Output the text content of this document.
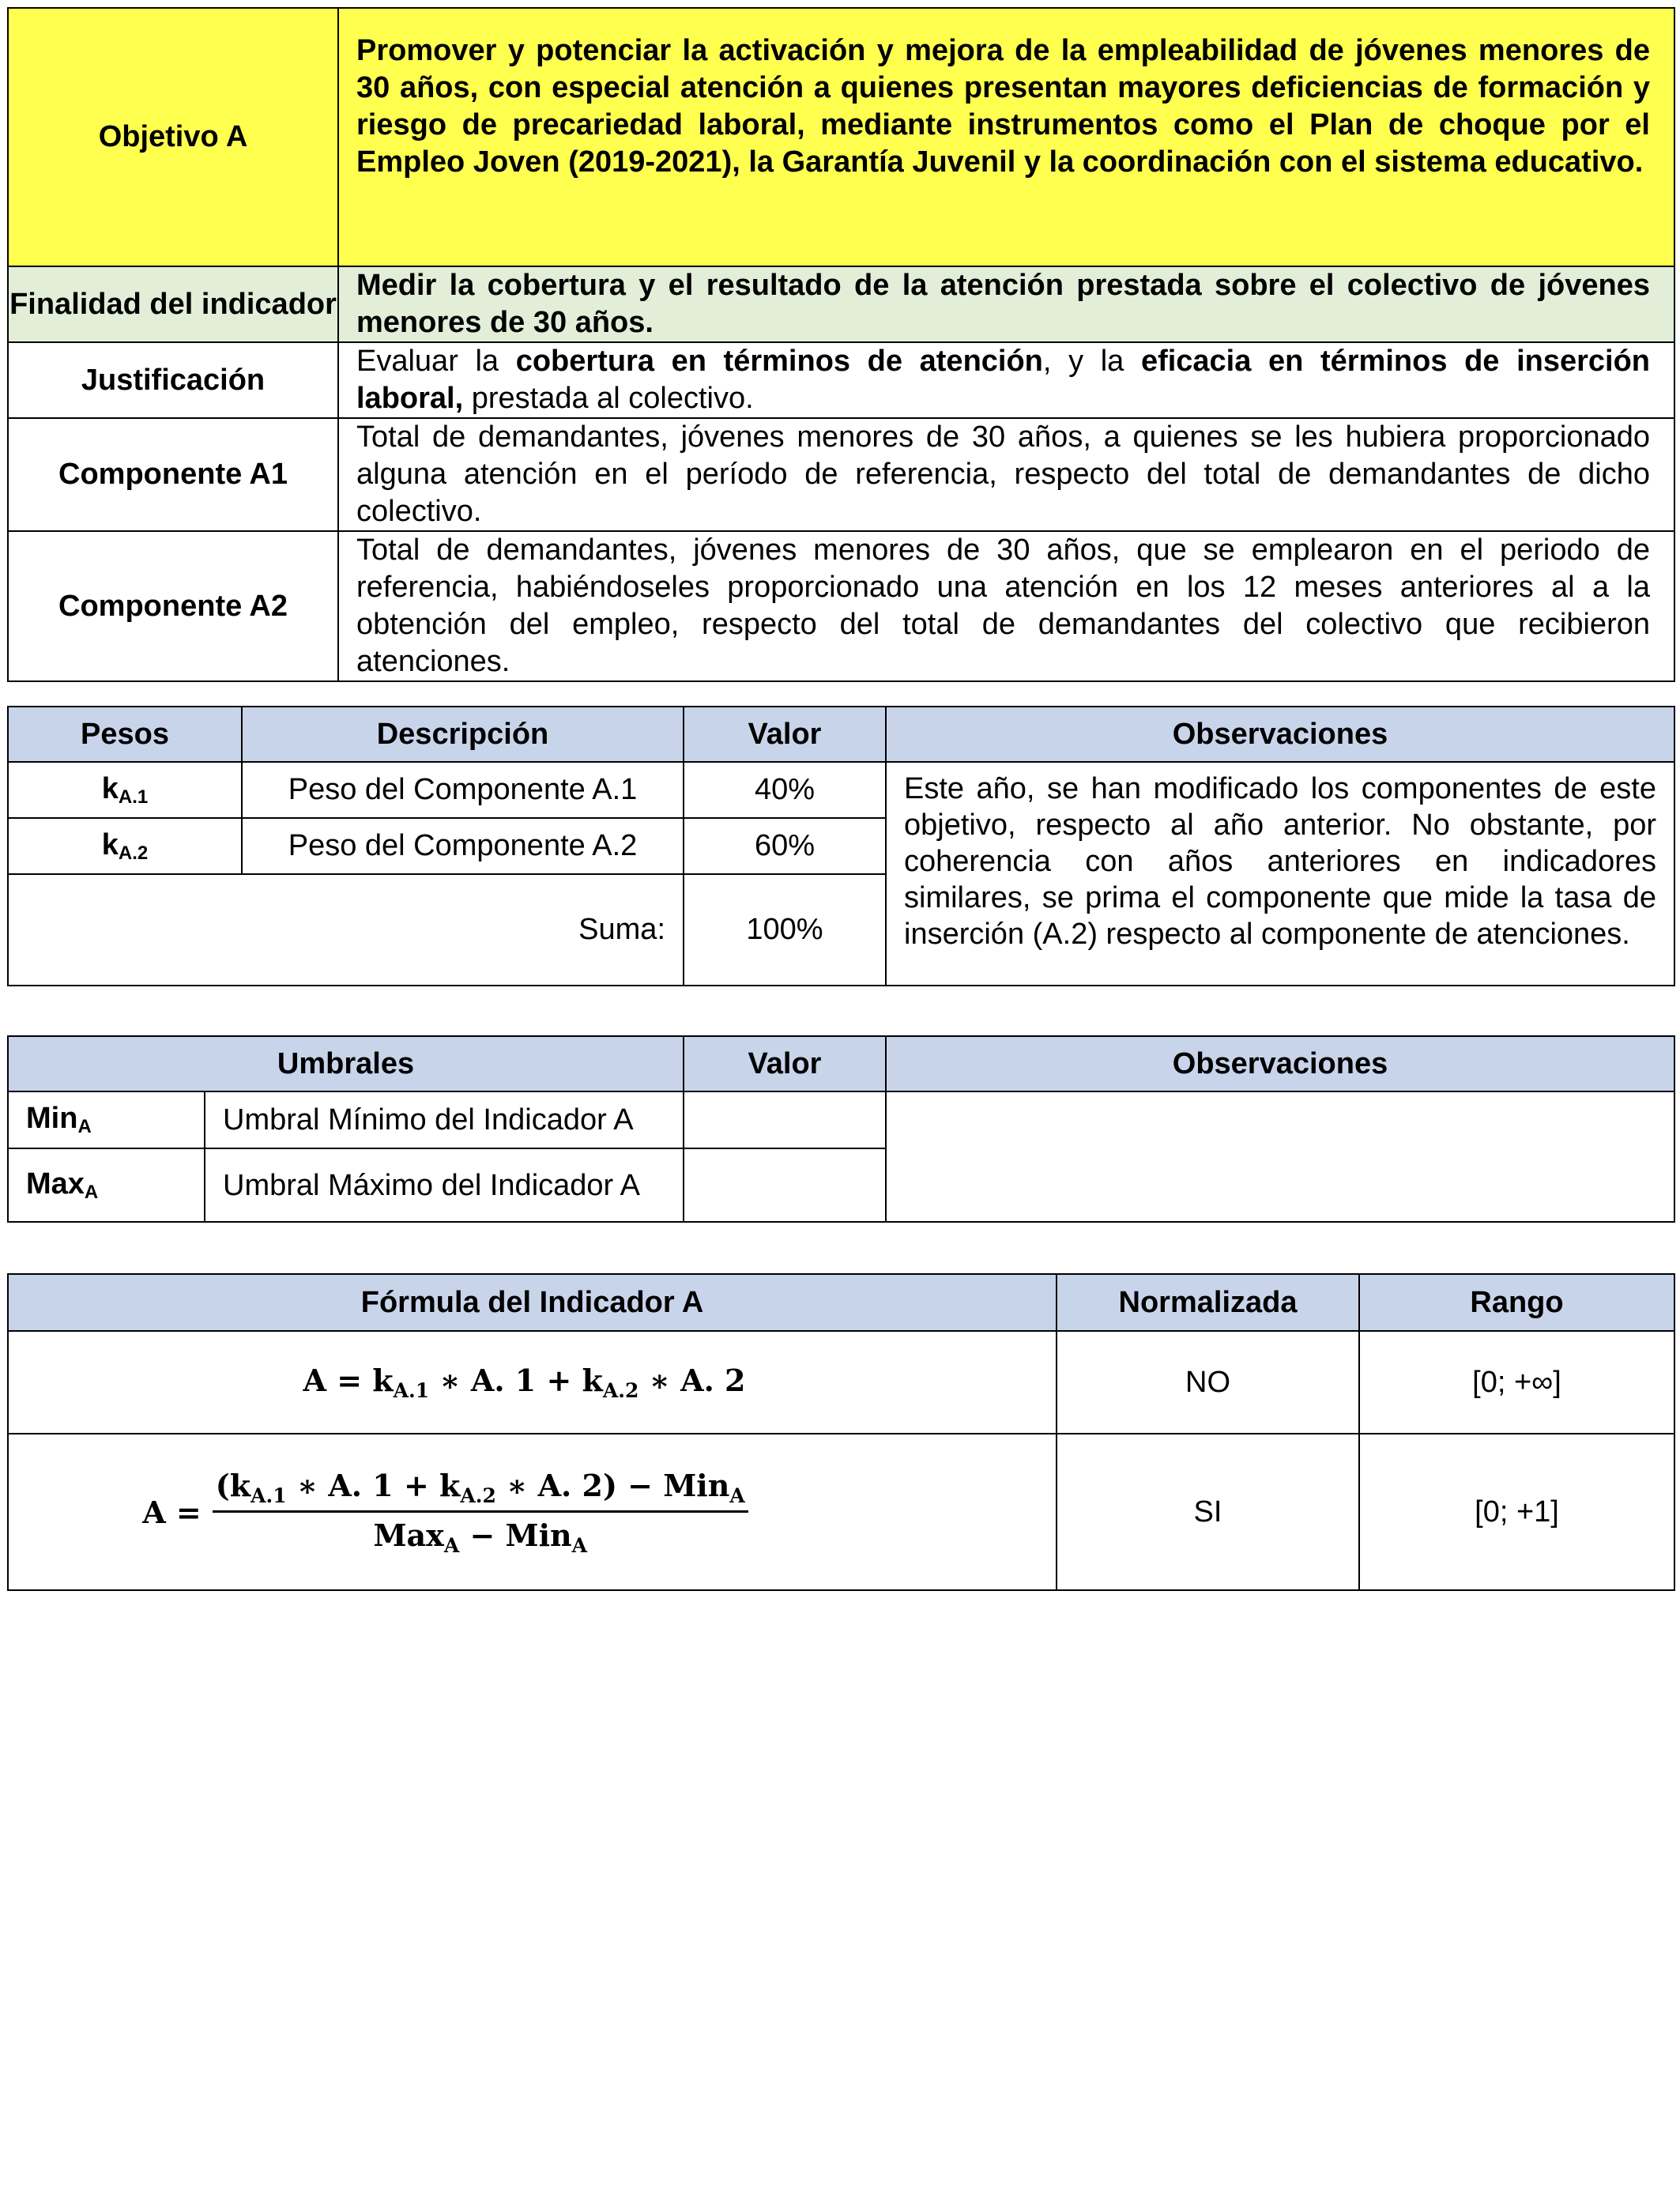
Objetivo A	Promover y potenciar la activación y mejora de la empleabilidad de jóvenes menores de 30 años, con especial atención a quienes presentan mayores deficiencias de formación y riesgo de precariedad laboral, mediante instrumentos como el Plan de choque por el Empleo Joven (2019-2021), la Garantía Juvenil y la coordinación con el sistema educativo.
Finalidad del indicador	Medir la cobertura y el resultado de la atención prestada sobre el colectivo de jóvenes menores de 30 años.
Justificación	Evaluar la cobertura en términos de atención, y la eficacia en términos de inserción laboral, prestada al colectivo.
Componente A1	Total de demandantes, jóvenes menores de 30 años, a quienes se les hubiera proporcionado alguna atención en el período de referencia, respecto del total de demandantes de dicho colectivo.
Componente A2	Total de demandantes, jóvenes menores de 30 años, que se emplearon en el periodo de referencia, habiéndoseles proporcionado una atención en los 12 meses anteriores al a la obtención del empleo, respecto del total de demandantes del colectivo que recibieron atenciones.
Pesos	Descripción	Valor	Observaciones
$k_{A.1}$	Peso del Componente A.1	40%	Este año, se han modificado los componentes de este objetivo, respecto al año anterior. No obstante, por coherencia con años anteriores en indicadores similares, se prima el componente que mide la tasa de inserción (A.2) respecto al componente de atenciones.
$k_{A.2}$	Peso del Componente A.2	60%	
Suma:		100%	
Umbrales		Valor	Observaciones
Min$_A$	Umbral Mínimo del Indicador A		
Max$_A$	Umbral Máximo del Indicador A		
Fórmula del Indicador A	Normalizada	Rango
$A = k_{A.1}$ ∗ A. $1 + k_{A.2}$ ∗ A. 2	NO	[0; +∞]

$A = \frac{(k_{A.1} ∗ A. 1 + k_{A.2} ∗ A. 2) - Min_A}{Max_A - Min_A}$	SI	[0; +1]
